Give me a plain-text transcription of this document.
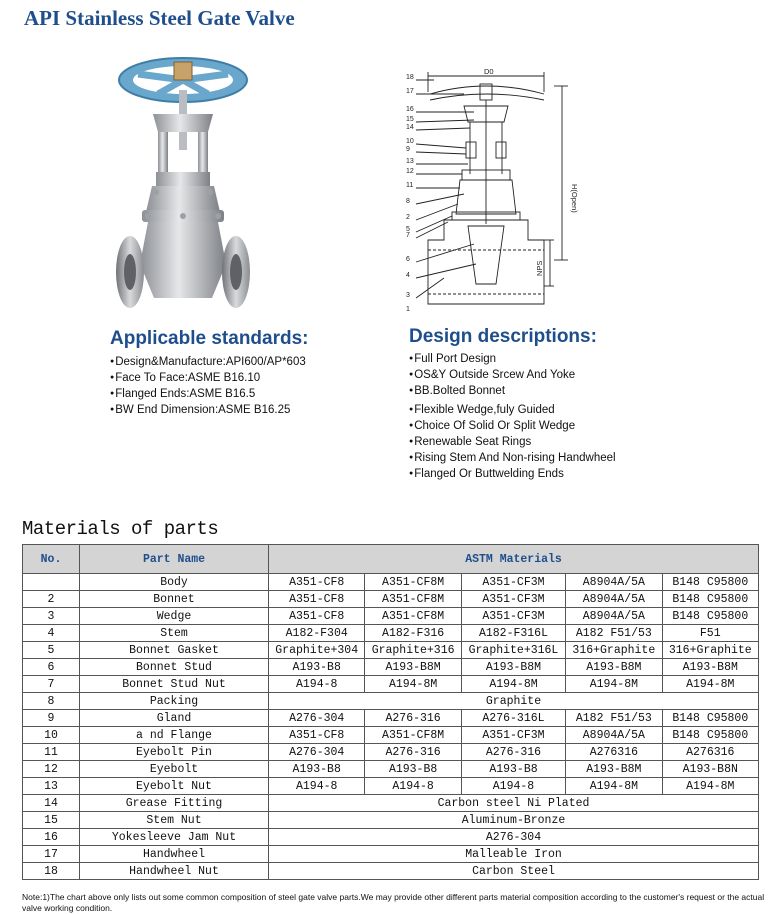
API Stainless Steel Gate Valve
D0
H(Open)
NPS
18
17
16
15
14
10
9
13
12
11
8
2
5
7
6
4
3
1
Applicable standards:
● Design&Manufacture:API600/AP*603
● Face To Face:ASME B16.10
● Flanged Ends:ASME B16.5
● BW End Dimension:ASME B16.25
Design descriptions:
● Full Port Design
● OS&Y Outside Srcew And Yoke
● BB.Bolted Bonnet
● Flexible Wedge,fuly Guided
● Choice Of Solid Or Split Wedge
● Renewable Seat Rings
● Rising Stem And Non-rising Handwheel
● Flanged Or Buttwelding Ends
Materials of parts
No.	Part Name	ASTM Materials				
	Body	A351-CF8	A351-CF8M	A351-CF3M	A8904A/5A	B148 C95800
2	Bonnet	A351-CF8	A351-CF8M	A351-CF3M	A8904A/5A	B148 C95800
3	Wedge	A351-CF8	A351-CF8M	A351-CF3M	A8904A/5A	B148 C95800
4	Stem	A182-F304	A182-F316	A182-F316L	A182 F51/53	F51
5	Bonnet Gasket	Graphite+304	Graphite+316	Graphite+316L	316+Graphite	316+Graphite
6	Bonnet Stud	A193-B8	A193-B8M	A193-B8M	A193-B8M	A193-B8M
7	Bonnet Stud Nut	A194-8	A194-8M	A194-8M	A194-8M	A194-8M
8	Packing	Graphite				
9	Gland	A276-304	A276-316	A276-316L	A182 F51/53	B148 C95800
10	a nd Flange	A351-CF8	A351-CF8M	A351-CF3M	A8904A/5A	B148 C95800
11	Eyebolt Pin	A276-304	A276-316	A276-316	A276316	A276316
12	Eyebolt	A193-B8	A193-B8	A193-B8	A193-B8M	A193-B8N
13	Eyebolt Nut	A194-8	A194-8	A194-8	A194-8M	A194-8M
14	Grease Fitting	Carbon steel Ni Plated				
15	Stem Nut	Aluminum-Bronze				
16	Yokesleeve Jam Nut	A276-304				
17	Handwheel	Malleable Iron				
18	Handwheel Nut	Carbon Steel				
Note:1)The chart above only lists out some common composition of steel gate valve parts.We may provide other different parts material composition according to the customer's request or the actual valve working condition.
